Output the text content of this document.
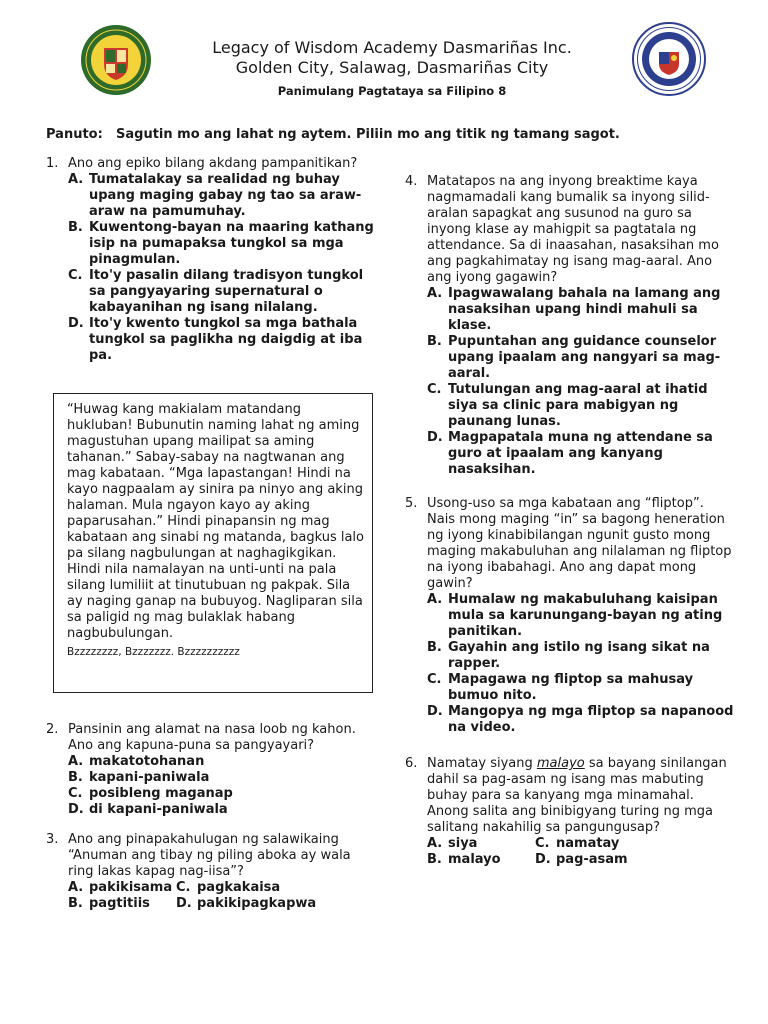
Legacy of Wisdom Academy Dasmariñas Inc.
Golden City, Salawag, Dasmariñas City
Panimulang Pagtataya sa Filipino 8
Panuto: Sagutin mo ang lahat ng aytem. Piliin mo ang titik ng tamang sagot.
1. Ano ang epiko bilang akdang pampanitikan?
A. Tumatalakay sa realidad ng buhay upang maging gabay ng tao sa araw-araw na pamumuhay.
B. Kuwentong-bayan na maaring kathang isip na pumapaksa tungkol sa mga pinagmulan.
C. Ito'y pasalin dilang tradisyon tungkol sa pangyayaring supernatural o kabayanihan ng isang nilalang.
D. Ito'y kwento tungkol sa mga bathala tungkol sa paglikha ng daigdig at iba pa.

“Huwag kang makialam matandang hukluban! Bubunutin naming lahat ng aming magustuhan upang mailipat sa aming tahanan.” Sabay-sabay na nagtwanan ang mag kabataan. “Mga lapastangan! Hindi na kayo nagpaalam ay sinira pa ninyo ang aking halaman. Mula ngayon kayo ay aking paparusahan.” Hindi pinapansin ng mag kabataan ang sinabi ng matanda, bagkus lalo pa silang nagbulungan at naghagikgikan. Hindi nila namalayan na unti-unti na pala silang lumiliit at tinutubuan ng pakpak. Sila ay naging ganap na bubuyog. Nagliparan sila sa paligid ng mag bulaklak habang nagbubulungan.

Bzzzzzzzz, Bzzzzzzz. Bzzzzzzzzzz
2. Pansinin ang alamat na nasa loob ng kahon. Ano ang kapuna-puna sa pangyayari?
A. makatotohanan
B. kapani-paniwala
C. posibleng maganap
D. di kapani-paniwala
3. Ano ang pinapakahulugan ng salawikaing “Anuman ang tibay ng piling aboka ay wala ring lakas kapag nag-iisa”?
A. pakikisama C. pagkakaisa
B. pagtitiis	D. pakikipagkapwa
4. Matatapos na ang inyong breaktime kaya nagmamadali kang bumalik sa inyong silid-aralan sapagkat ang susunod na guro sa inyong klase ay mahigpit sa pagtatala ng attendance. Sa di inaasahan, nasaksihan mo ang pagkahimatay ng isang mag-aaral. Ano ang iyong gagawin?
A. Ipagwawalang bahala na lamang ang nasaksihan upang hindi mahuli sa klase.
B. Pupuntahan ang guidance counselor upang ipaalam ang nangyari sa mag-aaral.
C. Tutulungan ang mag-aaral at ihatid siya sa clinic para mabigyan ng paunang lunas.
D. Magpapatala muna ng attendane sa guro at ipaalam ang kanyang nasaksihan.
5. Usong-uso sa mga kabataan ang “fliptop”. Nais mong maging “in” sa bagong heneration ng iyong kinabibilangan ngunit gusto mong maging makabuluhan ang nilalaman ng fliptop na iyong ibabahagi. Ano ang dapat mong gawin?
A. Humalaw ng makabuluhang kaisipan mula sa karunungang-bayan ng ating panitikan.
B. Gayahin ang istilo ng isang sikat na rapper.
C. Mapagawa ng fliptop sa mahusay bumuo nito.
D. Mangopya ng mga fliptop sa napanood na video.
6. Namatay siyang malayo sa bayang sinilangan dahil sa pag-asam ng isang mas mabuting buhay para sa kanyang mga minamahal. Anong salita ang binibigyang turing ng mga salitang nakahilig sa pangungusap?
A. siya	C. namatay
B. malayo	D. pag-asam
